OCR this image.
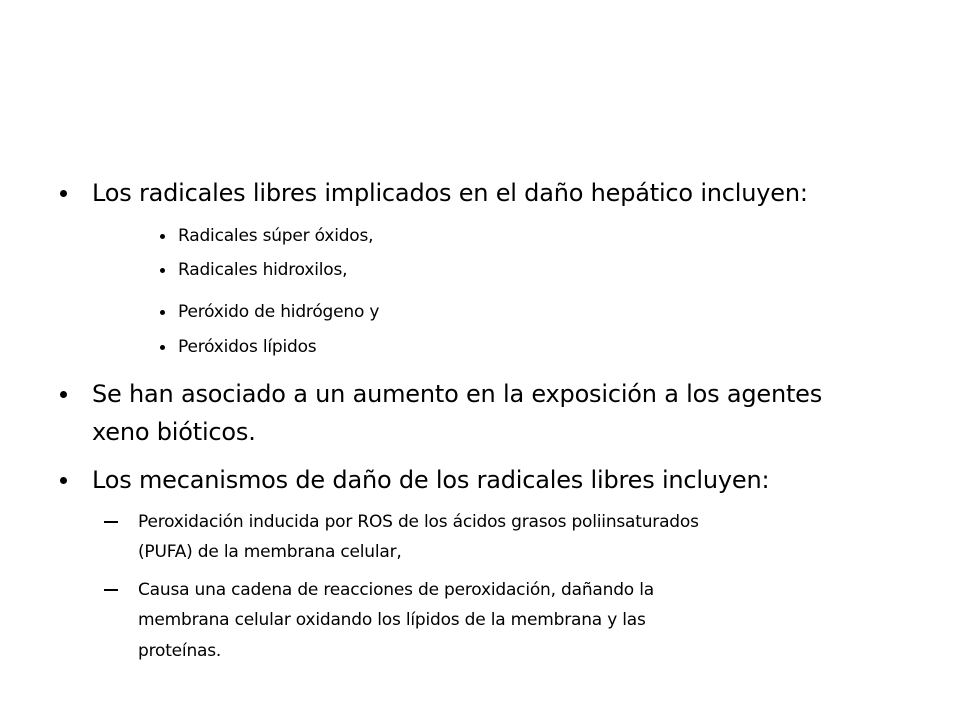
Los radicales libres implicados en el daño hepático incluyen:
Radicales súper óxidos,
Radicales hidroxilos,
Peróxido de hidrógeno y
Peróxidos lípidos
Se han asociado a un aumento en la exposición a los agentes
xeno bióticos.
Los mecanismos de daño de los radicales libres incluyen:
Peroxidación inducida por ROS de los ácidos grasos poliinsaturados
(PUFA) de la membrana celular,
Causa una cadena de reacciones de peroxidación, dañando la
membrana celular oxidando los lípidos de la membrana y las
proteínas.
